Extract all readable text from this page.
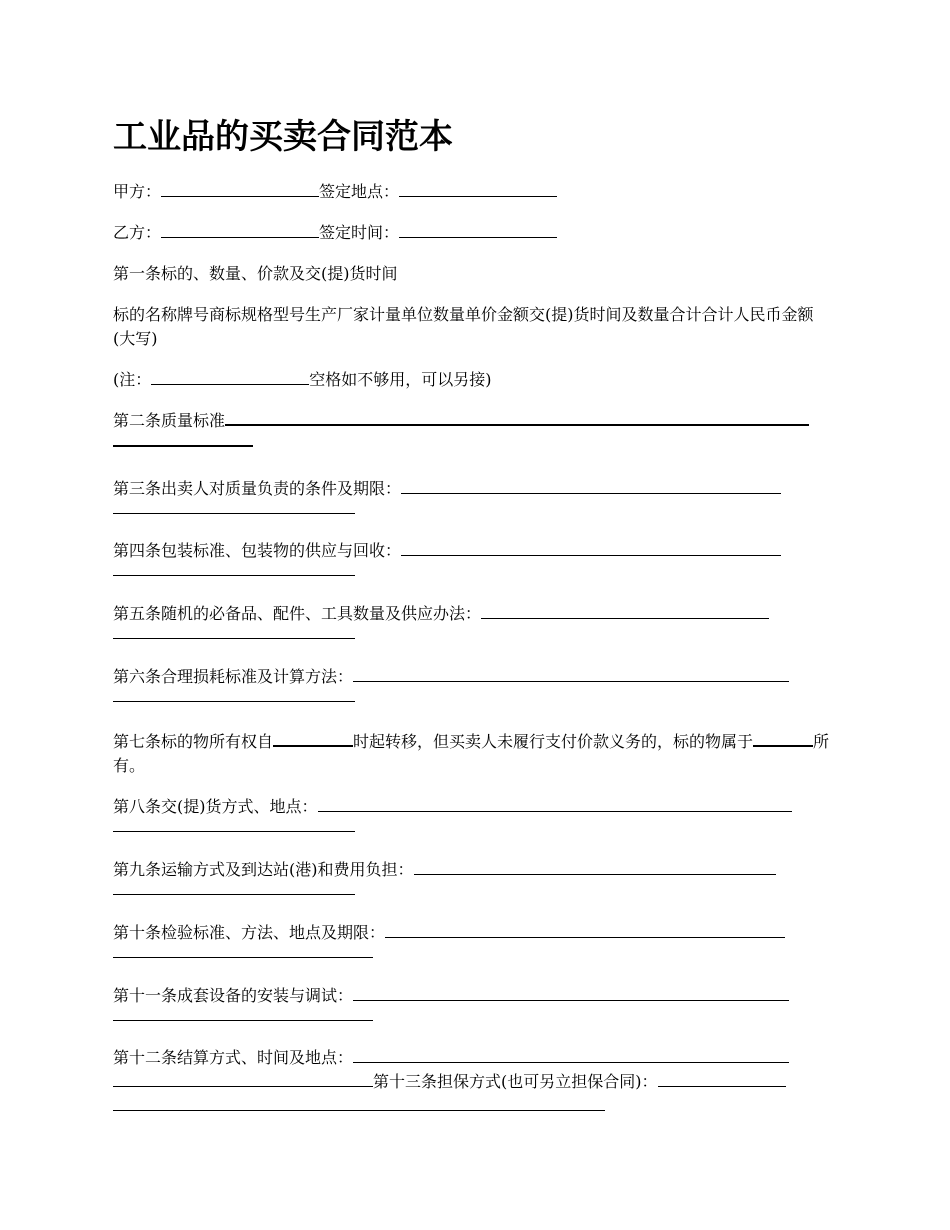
工业品的买卖合同范本

甲方：	签定地点：

乙方：	签定时间：

第一条标的、数量、价款及交(提)货时间

标的名称牌号商标规格型号生产厂家计量单位数量单价金额交(提)货时间及数量合计合计人民币金额(大写)

(注：	空格如不够用，可以另接)

第二条质量标准
第三条出卖人对质量负责的条件及期限：
第四条包装标准、包装物的供应与回收：
第五条随机的必备品、配件、工具数量及供应办法：
第六条合理损耗标准及计算方法：

第七条标的物所有权自	时起转移，但买卖人未履行支付价款义务的，标的物属于	所有。

第八条交(提)货方式、地点：
第九条运输方式及到达站(港)和费用负担：
第十条检验标准、方法、地点及期限：
第十一条成套设备的安装与调试：
第十二条结算方式、时间及地点：
第十三条担保方式(也可另立担保合同)：
